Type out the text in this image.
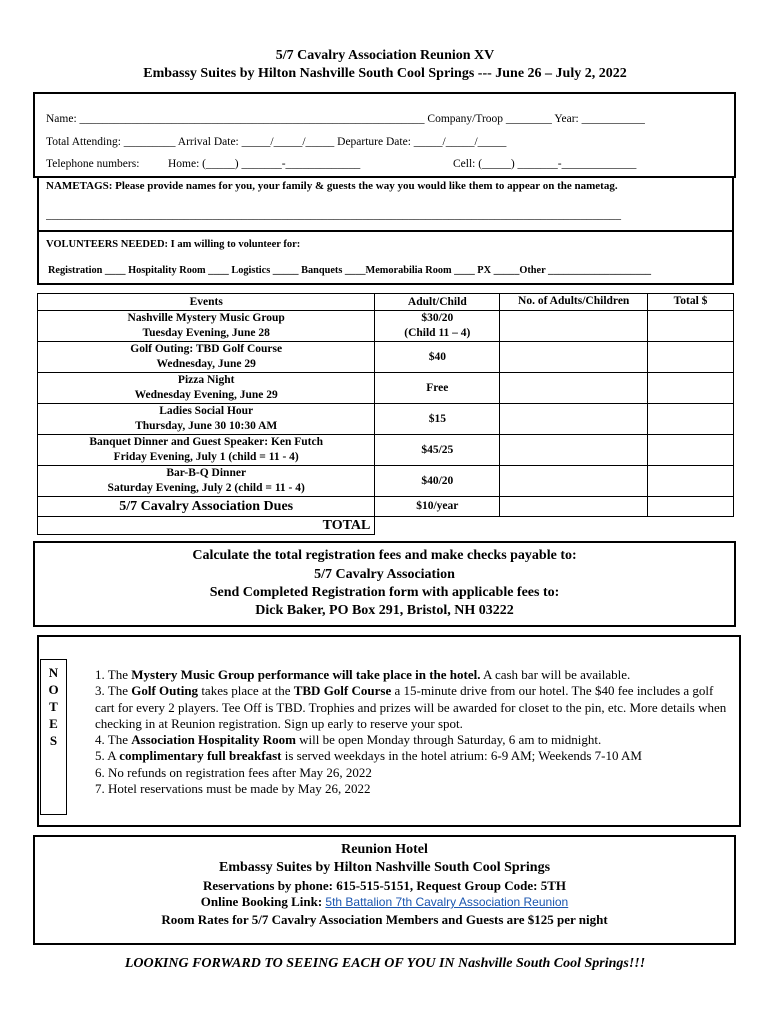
5/7 Cavalry Association Reunion XV
Embassy Suites by Hilton Nashville South Cool Springs --- June 26 – July 2, 2022
Name: ____________________________________________________________ Company/Troop ________ Year: ___________
Total Attending: _________ Arrival Date: _____/_____/_____ Departure Date: _____/_____/_____
Telephone numbers: Home: (_____) _______-_____________	Cell: (_____) _______-_____________
NAMETAGS: Please provide names for you, your family & guests the way you would like them to appear on the nametag.
____________________________________________________________________________________________________
VOLUNTEERS NEEDED: I am willing to volunteer for:
Registration ____ Hospitality Room ____ Logistics _____ Banquets ____Memorabilia Room ____ PX _____Other ____________________
Events	Adult/Child	No. of Adults/Children	Total $

Nashville Mystery Music Group
Tuesday Evening, June 28	$30/20
(Child 11 – 4)		

Golf Outing: TBD Golf Course
Wednesday, June 29	$40		

Pizza Night
Wednesday Evening, June 29	Free		

Ladies Social Hour
Thursday, June 30 10:30 AM	$15		

Banquet Dinner and Guest Speaker: Ken Futch
Friday Evening, July 1 (child = 11 - 4)	$45/25		

Bar-B-Q Dinner
Saturday Evening, July 2 (child = 11 - 4)	$40/20		
5/7 Cavalry Association Dues	$10/year		
TOTAL			
Calculate the total registration fees and make checks payable to:
5/7 Cavalry Association
Send Completed Registration form with applicable fees to:
Dick Baker, PO Box 291, Bristol, NH 03222
N
O
T
E
S
1. The Mystery Music Group performance will take place in the hotel. A cash bar will be available.
3. The Golf Outing takes place at the TBD Golf Course a 15-minute drive from our hotel. The $40 fee includes a golf cart for every 2 players. Tee Off is TBD. Trophies and prizes will be awarded for closet to the pin, etc. More details when checking in at Reunion registration. Sign up early to reserve your spot.
4. The Association Hospitality Room will be open Monday through Saturday, 6 am to midnight.
5. A complimentary full breakfast is served weekdays in the hotel atrium: 6-9 AM; Weekends 7-10 AM
6. No refunds on registration fees after May 26, 2022
7. Hotel reservations must be made by May 26, 2022
Reunion Hotel
Embassy Suites by Hilton Nashville South Cool Springs
Reservations by phone: 615-515-5151, Request Group Code: 5TH
Online Booking Link: 5th Battalion 7th Cavalry Association Reunion
Room Rates for 5/7 Cavalry Association Members and Guests are $125 per night
LOOKING FORWARD TO SEEING EACH OF YOU IN Nashville South Cool Springs!!!
